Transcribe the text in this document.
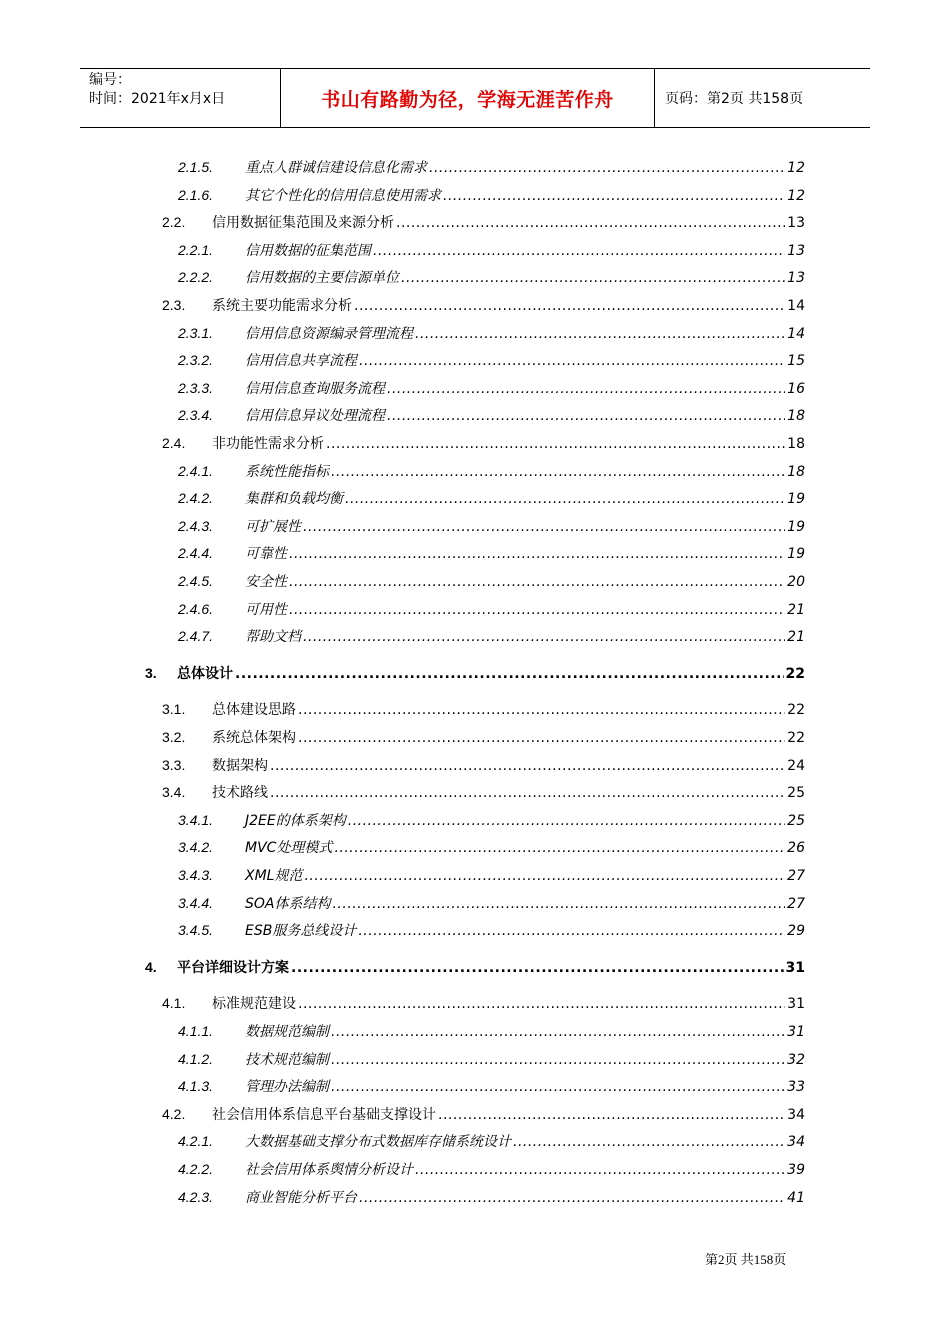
编号：
时间：2021年x月x日	书山有路勤为径，学海无涯苦作舟	页码：第2页 共158页
2.1.5.	重点人群诚信建设信息化需求 .....	12
2.1.6.	其它个性化的信用信息使用需求 .....	12
2.2.	信用数据征集范围及来源分析 .....	13
2.2.1.	信用数据的征集范围 .....	13
2.2.2.	信用数据的主要信源单位 .....	13
2.3.	系统主要功能需求分析 .....	14
2.3.1.	信用信息资源编录管理流程 .....	14
2.3.2.	信用信息共享流程 .....	15
2.3.3.	信用信息查询服务流程 .....	16
2.3.4.	信用信息异议处理流程 .....	18
2.4.	非功能性需求分析 .....	18
2.4.1.	系统性能指标 .....	18
2.4.2.	集群和负载均衡 .....	19
2.4.3.	可扩展性 .....	19
2.4.4.	可靠性 .....	19
2.4.5.	安全性 .....	20
2.4.6.	可用性 .....	21
2.4.7.	帮助文档 .....	21
3.	总体设计 .....	22
3.1.	总体建设思路 .....	22
3.2.	系统总体架构 .....	22
3.3.	数据架构 .....	24
3.4.	技术路线 .....	25
3.4.1.	J2EE的体系架构 .....	25
3.4.2.	MVC处理模式 .....	26
3.4.3.	XML规范 .....	27
3.4.4.	SOA体系结构 .....	27
3.4.5.	ESB服务总线设计 .....	29
4.	平台详细设计方案 .....	31
4.1.	标准规范建设 .....	31
4.1.1.	数据规范编制 .....	31
4.1.2.	技术规范编制 .....	32
4.1.3.	管理办法编制 .....	33
4.2.	社会信用体系信息平台基础支撑设计 .....	34
4.2.1.	大数据基础支撑分布式数据库存储系统设计 .....	34
4.2.2.	社会信用体系舆情分析设计 .....	39
4.2.3.	商业智能分析平台 .....	41
第2页 共158页
